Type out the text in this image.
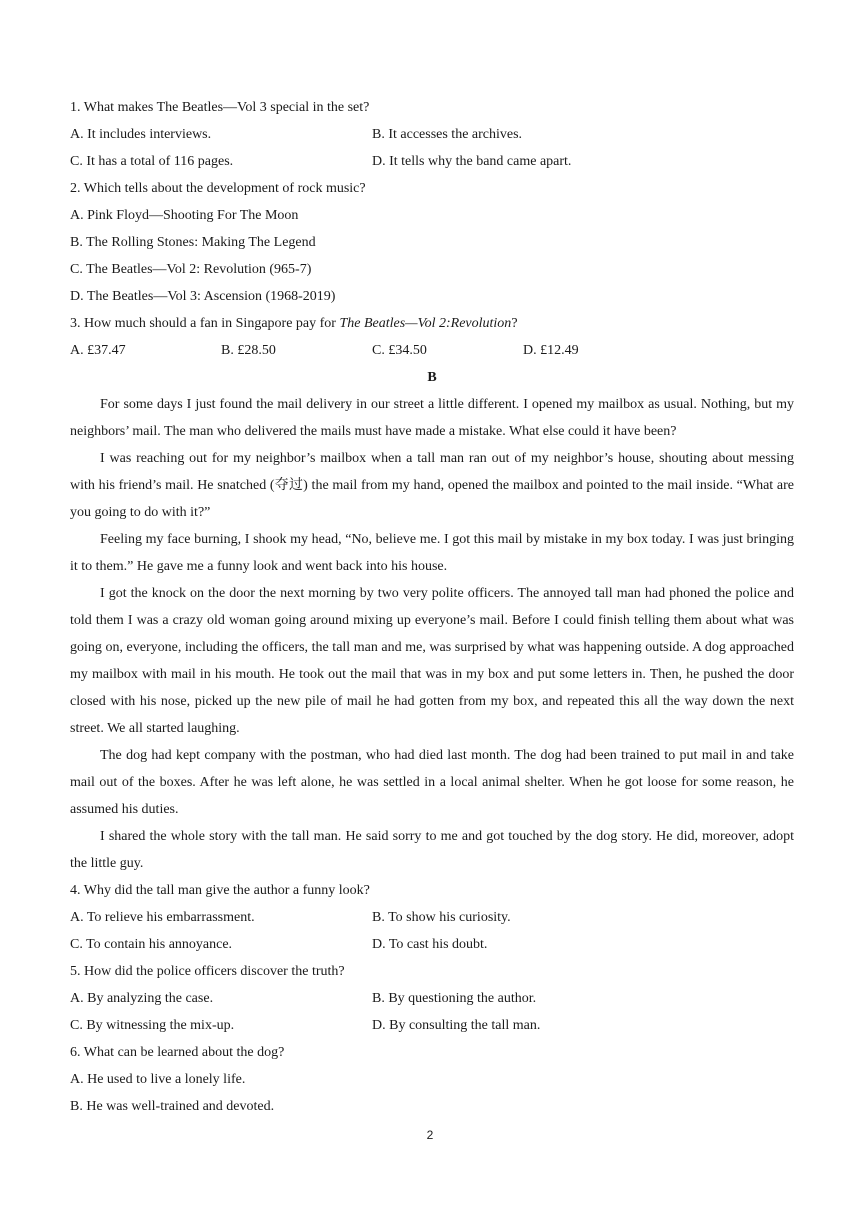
1. What makes The Beatles—Vol 3 special in the set?
A. It includes interviews.	B. It accesses the archives.
C. It has a total of 116 pages.	D. It tells why the band came apart.
2. Which tells about the development of rock music?
A. Pink Floyd—Shooting For The Moon
B. The Rolling Stones: Making The Legend
C. The Beatles—Vol 2: Revolution (965-7)
D. The Beatles—Vol 3: Ascension (1968-2019)
3. How much should a fan in Singapore pay for The Beatles—Vol 2:Revolution?
A. £37.47	B. £28.50	C. £34.50	D. £12.49
B

For some days I just found the mail delivery in our street a little different. I opened my mailbox as usual. Nothing, but my neighbors’ mail. The man who delivered the mails must have made a mistake. What else could it have been?

I was reaching out for my neighbor’s mailbox when a tall man ran out of my neighbor’s house, shouting about messing with his friend’s mail. He snatched (夺过) the mail from my hand, opened the mailbox and pointed to the mail inside. “What are you going to do with it?”

Feeling my face burning, I shook my head, “No, believe me. I got this mail by mistake in my box today. I was just bringing it to them.” He gave me a funny look and went back into his house.

I got the knock on the door the next morning by two very polite officers. The annoyed tall man had phoned the police and told them I was a crazy old woman going around mixing up everyone’s mail. Before I could finish telling them about what was going on, everyone, including the officers, the tall man and me, was surprised by what was happening outside. A dog approached my mailbox with mail in his mouth. He took out the mail that was in my box and put some letters in. Then, he pushed the door closed with his nose, picked up the new pile of mail he had gotten from my box, and repeated this all the way down the next street. We all started laughing.

The dog had kept company with the postman, who had died last month. The dog had been trained to put mail in and take mail out of the boxes. After he was left alone, he was settled in a local animal shelter. When he got loose for some reason, he assumed his duties.

I shared the whole story with the tall man. He said sorry to me and got touched by the dog story. He did, moreover, adopt the little guy.

4. Why did the tall man give the author a funny look?
A. To relieve his embarrassment.	B. To show his curiosity.
C. To contain his annoyance.	D. To cast his doubt.
5. How did the police officers discover the truth?
A. By analyzing the case.	B. By questioning the author.
C. By witnessing the mix-up.	D. By consulting the tall man.
6. What can be learned about the dog?
A. He used to live a lonely life.
B. He was well-trained and devoted.
2
